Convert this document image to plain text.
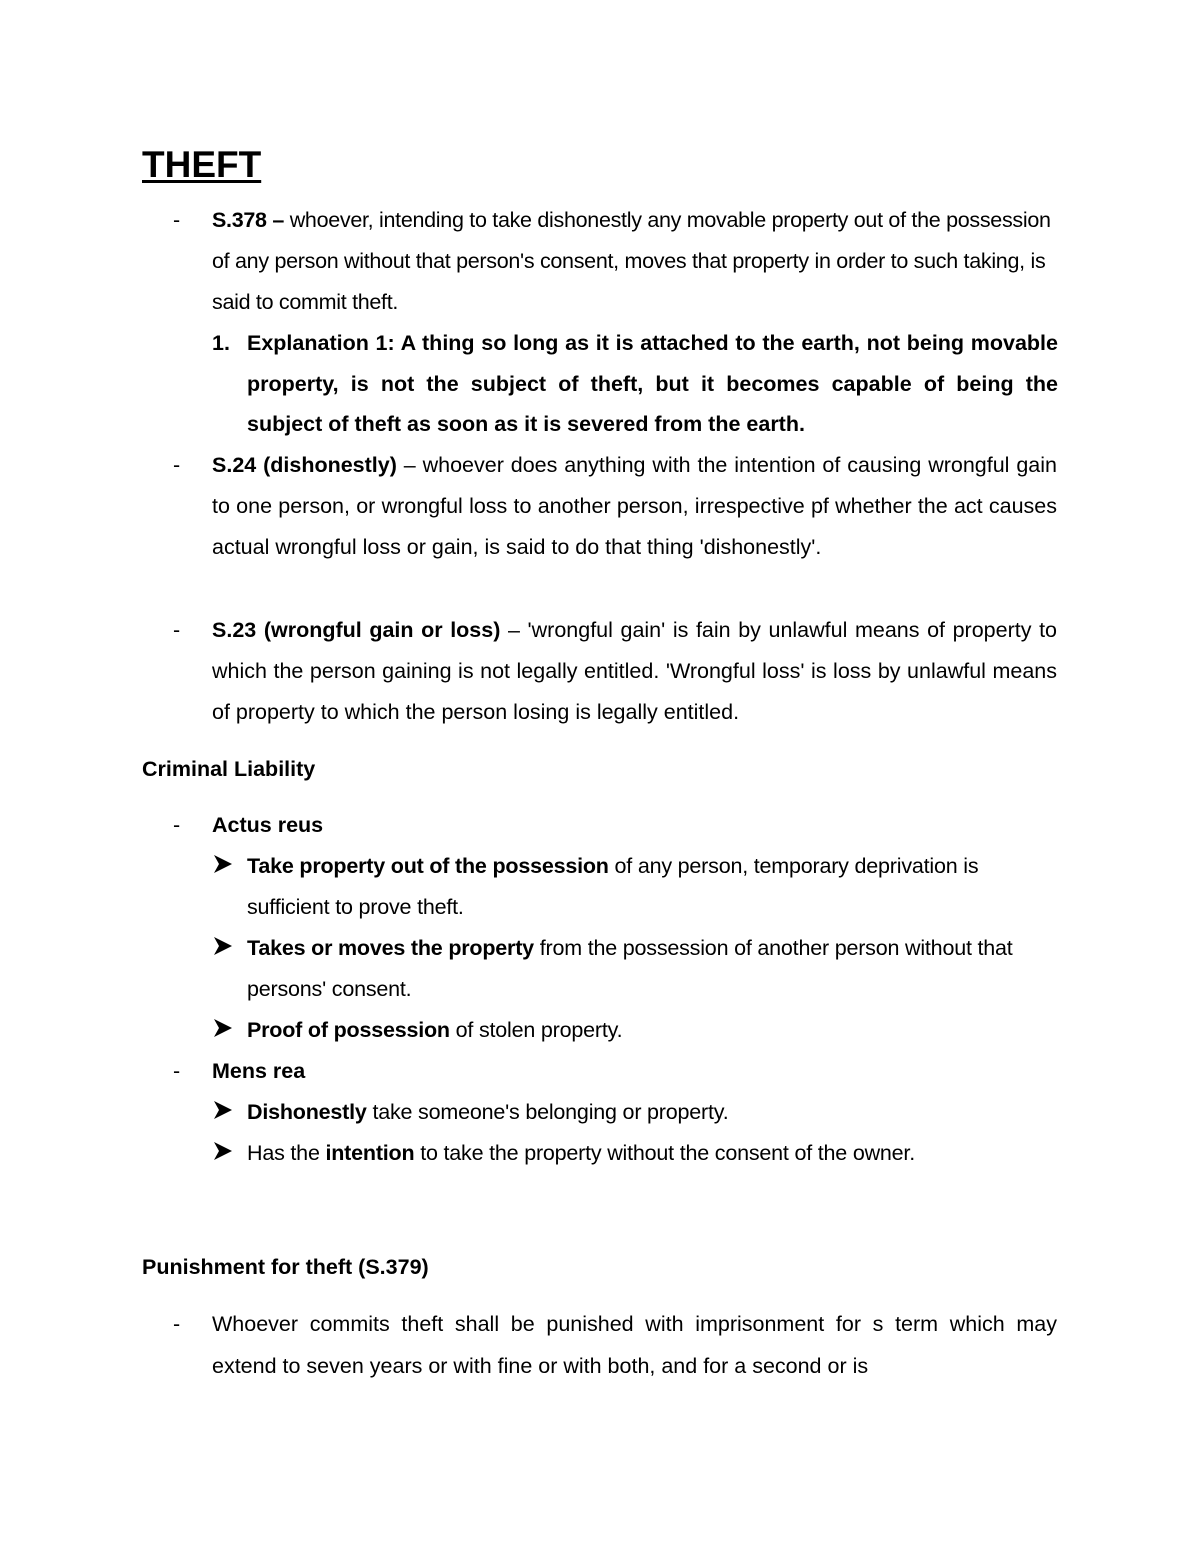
THEFT
- S.378 – whoever, intending to take dishonestly any movable property out of the possession of any person without that person's consent, moves that property in order to such taking, is said to commit theft.
1. Explanation 1: A thing so long as it is attached to the earth, not being movable property, is not the subject of theft, but it becomes capable of being the subject of theft as soon as it is severed from the earth.
- S.24 (dishonestly) – whoever does anything with the intention of causing wrongful gain to one person, or wrongful loss to another person, irrespective pf whether the act causes actual wrongful loss or gain, is said to do that thing 'dishonestly'.
- S.23 (wrongful gain or loss) – 'wrongful gain' is fain by unlawful means of property to which the person gaining is not legally entitled. 'Wrongful loss' is loss by unlawful means of property to which the person losing is legally entitled.
Criminal Liability
- Actus reus
Take property out of the possession of any person, temporary deprivation is sufficient to prove theft.
Takes or moves the property from the possession of another person without that persons' consent.
Proof of possession of stolen property.
- Mens rea
Dishonestly take someone's belonging or property.
Has the intention to take the property without the consent of the owner.
Punishment for theft (S.379)
- Whoever commits theft shall be punished with imprisonment for s term which may extend to seven years or with fine or with both, and for a second or is
